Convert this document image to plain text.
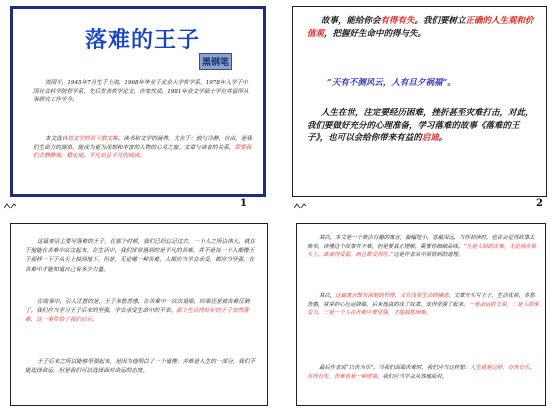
落难的王子
黑钢笔
周国平，1945年7月生于上海，1968年毕业于北京大学哲学系，1978年入学于中国社会科学院哲学系，先后发表哲学论文，作家性质，1981年获文学硕士学位并留所从事研究工作至今。
本文选自周文学的若干散文集。读书和文学的涵养，尤在于：较与冷静，自由，是我们生命力的源泉，能成为更为深刻和丰富的人物的心灵之窗。文章与读者的关系，需要我们去静静地，稳定地，平凡而且平凡的阅读。
1
故事，能给你会有得有失。我们要树立正确的人生观和价值观，把握好生命中的得与失。
“天有不测风云，人有旦夕祸福”。
人生在世，注定要经历困难，挫折甚至灾难打击，对此，我们要做好充分的心理准备，学习落难的故事《落难的王子》，也可以会给你带来有益的启迪。
2
这篇童话主要写落难的王子，在那个时候，我们已经忘记过去，一个人之所以伟大，就在于他能在苦难中站立起来。在生活中，我们常常遇到的是平凡的苦难，并不是每一个人都像王子那样一下子从天上掉到地下。但是，无论哪一种苦难，人都应当学会承受，都应当坚强，在苦难中才能知道自己有多少力量。
在故事中，引人注意的是，王子多愁善感，在苦难中一次次退缩，结果还是被苦难压倒了。我们应当学习王子后来的坚强，学会承受生命中的不幸。那个生活得好好的王子突然落难，这一事件给了我们启示。
王子后来之所以能够坚强起来，是因为他明白了一个道理：苦难是人生的一部分，我们不能选择命运，但是我们可以选择面对命运的态度。
其次，本文是一个简洁有趣的寓言，篇幅短小，意蕴深远，当你初读时，也许会觉得故事太简单，读懂这个故事并不难，但是要真正理解，需要你细细品味。“凡是人间的灾难，无论落在谁头上，谁就得受着，而且都受得住。”这是作者从中领悟到的道理。
其次，这篇寓言既有深刻的哲理，又有浅显生动的描述。文章开头写王子，生活优裕，多愁善感，常常担心厄运降临，后来他真的成了奴隶，变得坚强了起来。一是命运的无常，二是人的承受力，三是一个人在苦难中要坚强，才能战胜困难。
最后作者说“以苦为乐”。当我们面临苦难时，我们应当这样想：人生就是这样，有苦有乐，有得有失，苦难也是一种财富，我们应当学会从容地面对。
